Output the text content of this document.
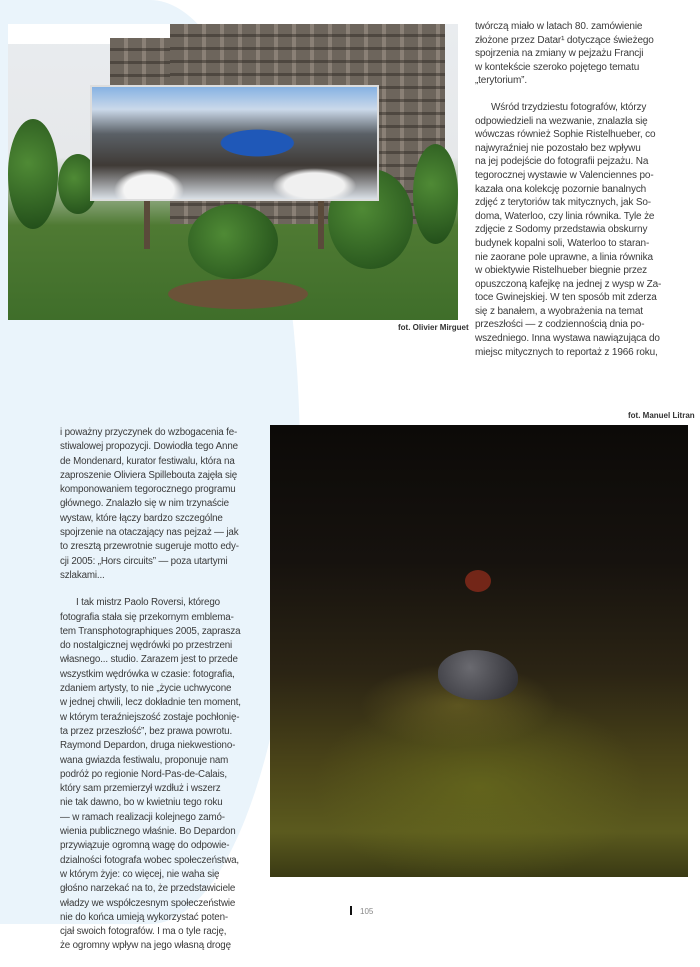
fot. Olivier Mirguet
twórczą miało w latach 80. zamówienie
złożone przez Datar¹ dotyczące świeżego
spojrzenia na zmiany w pejzażu Francji
w kontekście szeroko pojętego tematu
„terytorium”.
Wśród trzydziestu fotografów, którzy
odpowiedzieli na wezwanie, znalazła się
wówczas również Sophie Ristelhueber, co
najwyraźniej nie pozostało bez wpływu
na jej podejście do fotografii pejzażu. Na
tegorocznej wystawie w Valenciennes po-
kazała ona kolekcję pozornie banalnych
zdjęć z terytoriów tak mitycznych, jak So-
doma, Waterloo, czy linia równika. Tyle że
zdjęcie z Sodomy przedstawia obskurny
budynek kopalni soli, Waterloo to staran-
nie zaorane pole uprawne, a linia równika
w obiektywie Ristelhueber biegnie przez
opuszczoną kafejkę na jednej z wysp w Za-
toce Gwinejskiej. W ten sposób mit zderza
się z banałem, a wyobrażenia na temat
przeszłości — z codziennością dnia po-
wszedniego. Inna wystawa nawiązująca do
miejsc mitycznych to reportaż z 1966 roku,
fot. Manuel Litran
i poważny przyczynek do wzbogacenia fe-
stiwalowej propozycji. Dowiodła tego Anne
de Mondenard, kurator festiwalu, która na
zaproszenie Oliviera Spillebouta zajęła się
komponowaniem tegorocznego programu
głównego. Znalazło się w nim trzynaście
wystaw, które łączy bardzo szczególne
spojrzenie na otaczający nas pejzaż — jak
to zresztą przewrotnie sugeruje motto edy-
cji 2005: „Hors circuits” — poza utartymi
szlakami...
I tak mistrz Paolo Roversi, którego
fotografia stała się przekornym emblema-
tem Transphotographiques 2005, zaprasza
do nostalgicznej wędrówki po przestrzeni
własnego... studio. Zarazem jest to przede
wszystkim wędrówka w czasie: fotografia,
zdaniem artysty, to nie „życie uchwycone
w jednej chwili, lecz dokładnie ten moment,
w którym teraźniejszość zostaje pochłonię-
ta przez przeszłość”, bez prawa powrotu.
Raymond Depardon, druga niekwestiono-
wana gwiazda festiwalu, proponuje nam
podróż po regionie Nord-Pas-de-Calais,
który sam przemierzył wzdłuż i wszerz
nie tak dawno, bo w kwietniu tego roku
— w ramach realizacji kolejnego zamó-
wienia publicznego właśnie. Bo Depardon
przywiązuje ogromną wagę do odpowie-
dzialności fotografa wobec społeczeństwa,
w którym żyje: co więcej, nie waha się
głośno narzekać na to, że przedstawiciele
władzy we współczesnym społeczeństwie
nie do końca umieją wykorzystać poten-
cjał swoich fotografów. I ma o tyle rację,
że ogromny wpływ na jego własną drogę
105
